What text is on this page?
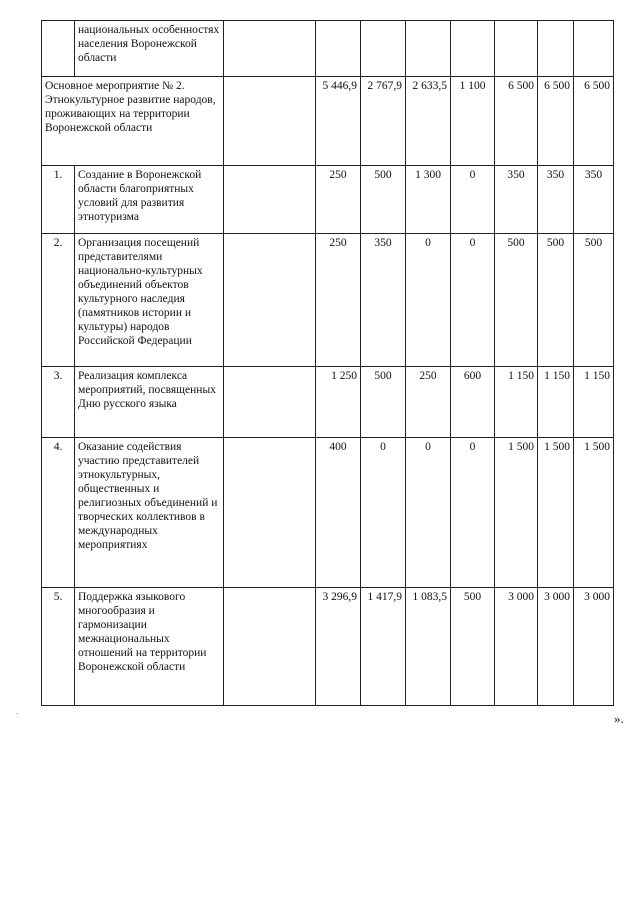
	национальных особенностях населения Воронежской области								
Основное мероприятие № 2. Этнокультурное развитие народов, проживающих на территории Воронежской области			5 446,9	2 767,9	2 633,5	1 100	6 500	6 500	6 500
1.	Создание в Воронежской области благоприятных условий для развития этнотуризма		250	500	1 300	0	350	350	350
2.	Организация посещений представителями национально-культурных объединений объектов культурного наследия (памятников истории и культуры) народов Российской Федерации		250	350	0	0	500	500	500
3.	Реализация комплекса мероприятий, посвященных Дню русского языка		1 250	500	250	600	1 150	1 150	1 150
4.	Оказание содействия участию представителей этнокультурных, общественных и религиозных объединений и творческих коллективов в международных мероприятиях		400	0	0	0	1 500	1 500	1 500
5.	Поддержка языкового многообразия и гармонизации межнациональных отношений на территории Воронежской области		3 296,9	1 417,9	1 083,5	500	3 000	3 000	3 000
».
